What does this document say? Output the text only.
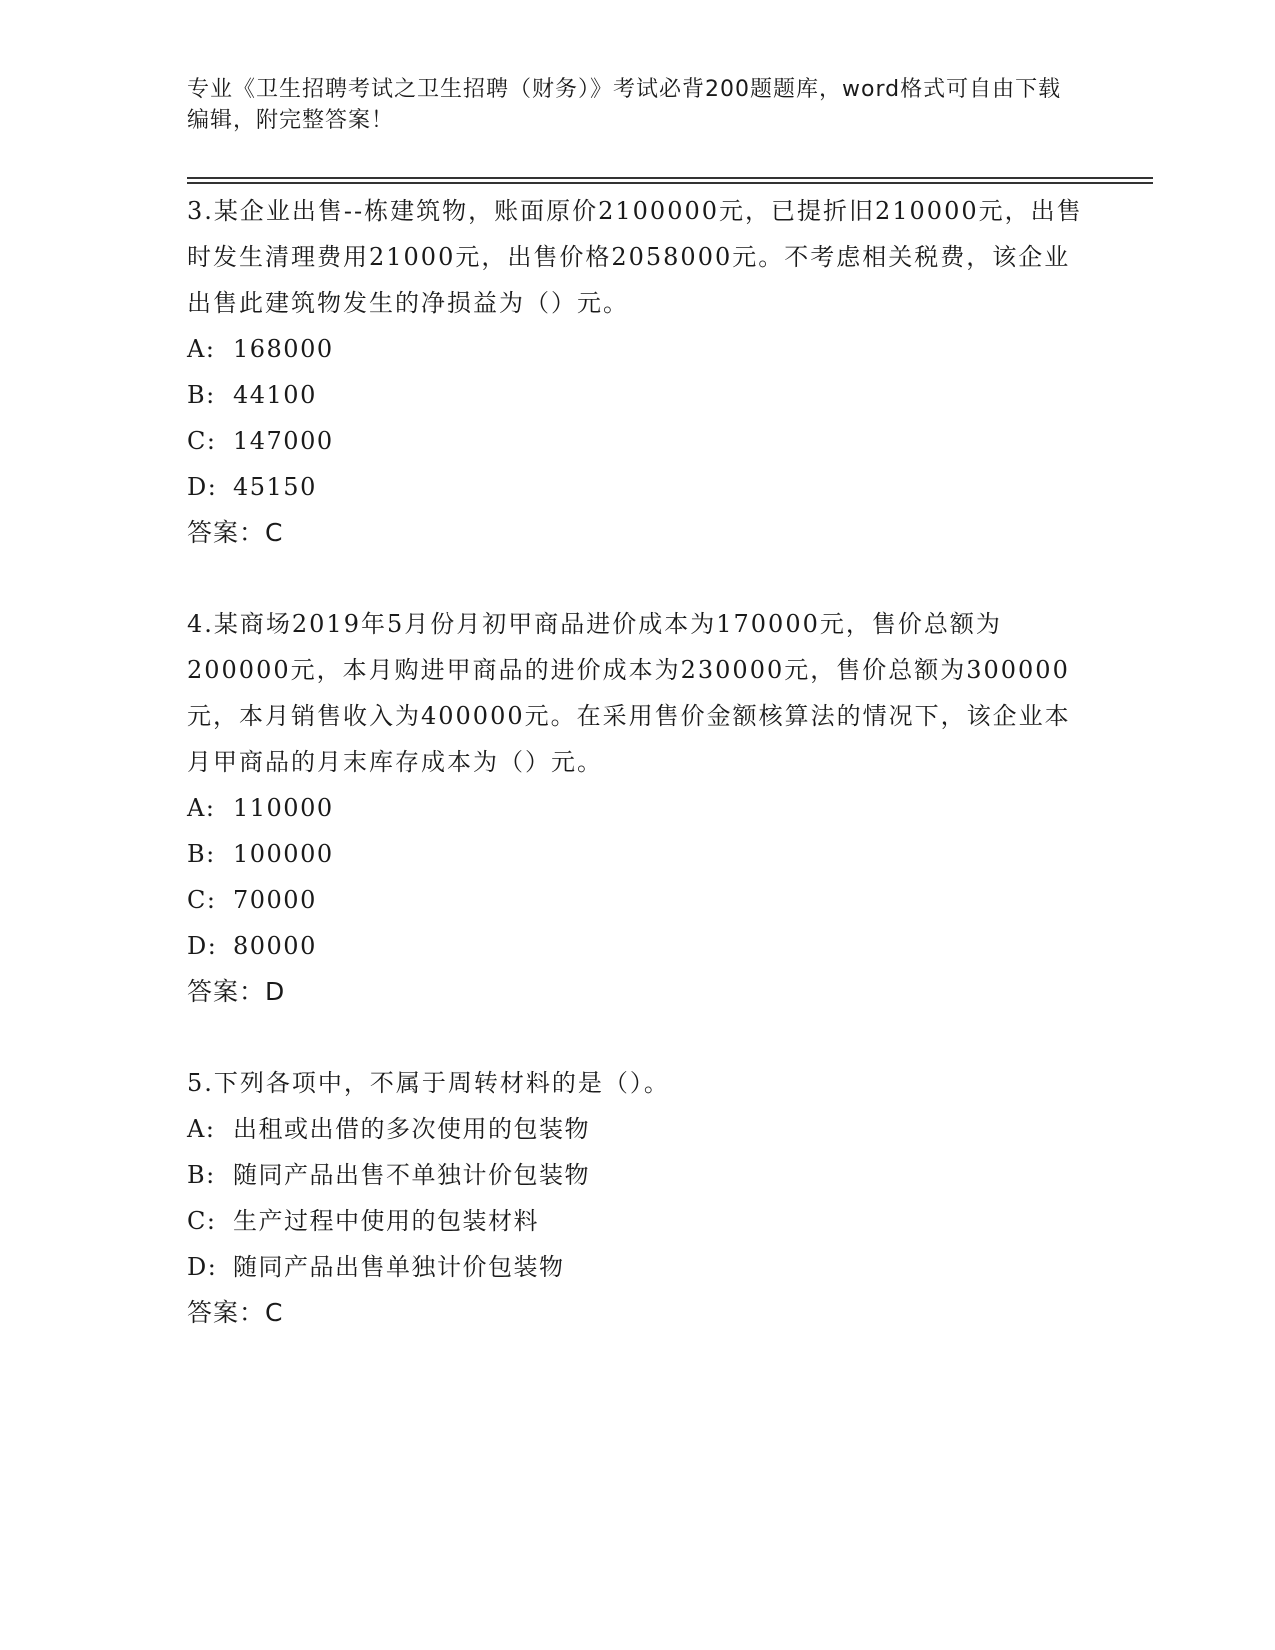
专业《卫生招聘考试之卫生招聘（财务）》考试必背200题题库，word格式可自由下载编辑，附完整答案！

3.某企业出售--栋建筑物，账面原价2100000元，已提折旧210000元，出售时发生清理费用21000元，出售价格2058000元。不考虑相关税费，该企业出售此建筑物发生的净损益为（）元。

A: 168000

B: 44100

C: 147000

D: 45150

答案：C

4.某商场2019年5月份月初甲商品进价成本为170000元，售价总额为200000元，本月购进甲商品的进价成本为230000元，售价总额为300000元，本月销售收入为400000元。在采用售价金额核算法的情况下，该企业本月甲商品的月末库存成本为（）元。

A: 110000

B: 100000

C: 70000

D: 80000

答案：D

5.下列各项中，不属于周转材料的是（）。

A: 出租或出借的多次使用的包装物

B: 随同产品出售不单独计价包装物

C: 生产过程中使用的包装材料

D: 随同产品出售单独计价包装物

答案：C
